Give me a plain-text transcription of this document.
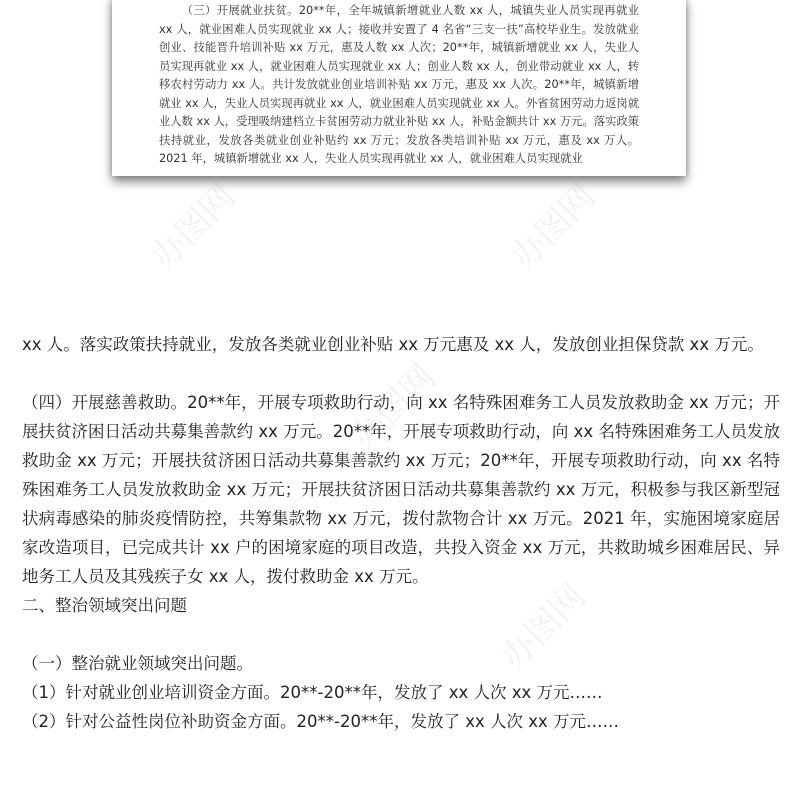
（三）开展就业扶贫。20**年，全年城镇新增就业人数 xx 人，城镇失业人员实现再就业 xx 人，就业困难人员实现就业 xx 人；接收并安置了 4 名省“三支一扶”高校毕业生。发放就业创业、技能晋升培训补贴 xx 万元，惠及人数 xx 人次；20**年，城镇新增就业 xx 人，失业人员实现再就业 xx 人，就业困难人员实现就业 xx 人；创业人数 xx 人，创业带动就业 xx 人，转移农村劳动力 xx 人。共计发放就业创业培训补贴 xx 万元，惠及 xx 人次。20**年，城镇新增就业 xx 人，失业人员实现再就业 xx 人，就业困难人员实现就业 xx 人。外省贫困劳动力返岗就业人数 xx 人，受理吸纳建档立卡贫困劳动力就业补贴 xx 人，补贴金额共计 xx 万元。落实政策扶持就业，发放各类就业创业补贴约 xx 万元；发放各类培训补贴 xx 万元，惠及 xx 万人。2021 年，城镇新增就业 xx 人，失业人员实现再就业 xx 人，就业困难人员实现就业

办图网	办图网
办图网
办图网

xx 人。落实政策扶持就业，发放各类就业创业补贴 xx 万元惠及 xx 人，发放创业担保贷款 xx 万元。

（四）开展慈善救助。20**年，开展专项救助行动，向 xx 名特殊困难务工人员发放救助金 xx 万元；开展扶贫济困日活动共募集善款约 xx 万元。20**年，开展专项救助行动，向 xx 名特殊困难务工人员发放救助金 xx 万元；开展扶贫济困日活动共募集善款约 xx 万元；20**年，开展专项救助行动，向 xx 名特殊困难务工人员发放救助金 xx 万元；开展扶贫济困日活动共募集善款约 xx 万元，积极参与我区新型冠状病毒感染的肺炎疫情防控，共筹集款物 xx 万元，拨付款物合计 xx 万元。2021 年，实施困境家庭居家改造项目，已完成共计 xx 户的困境家庭的项目改造，共投入资金 xx 万元，共救助城乡困难居民、异地务工人员及其残疾子女 xx 人，拨付救助金 xx 万元。

二、整治领域突出问题

（一）整治就业领域突出问题。

（1）针对就业创业培训资金方面。20**-20**年，发放了 xx 人次 xx 万元……

（2）针对公益性岗位补助资金方面。20**-20**年，发放了 xx 人次 xx 万元……
